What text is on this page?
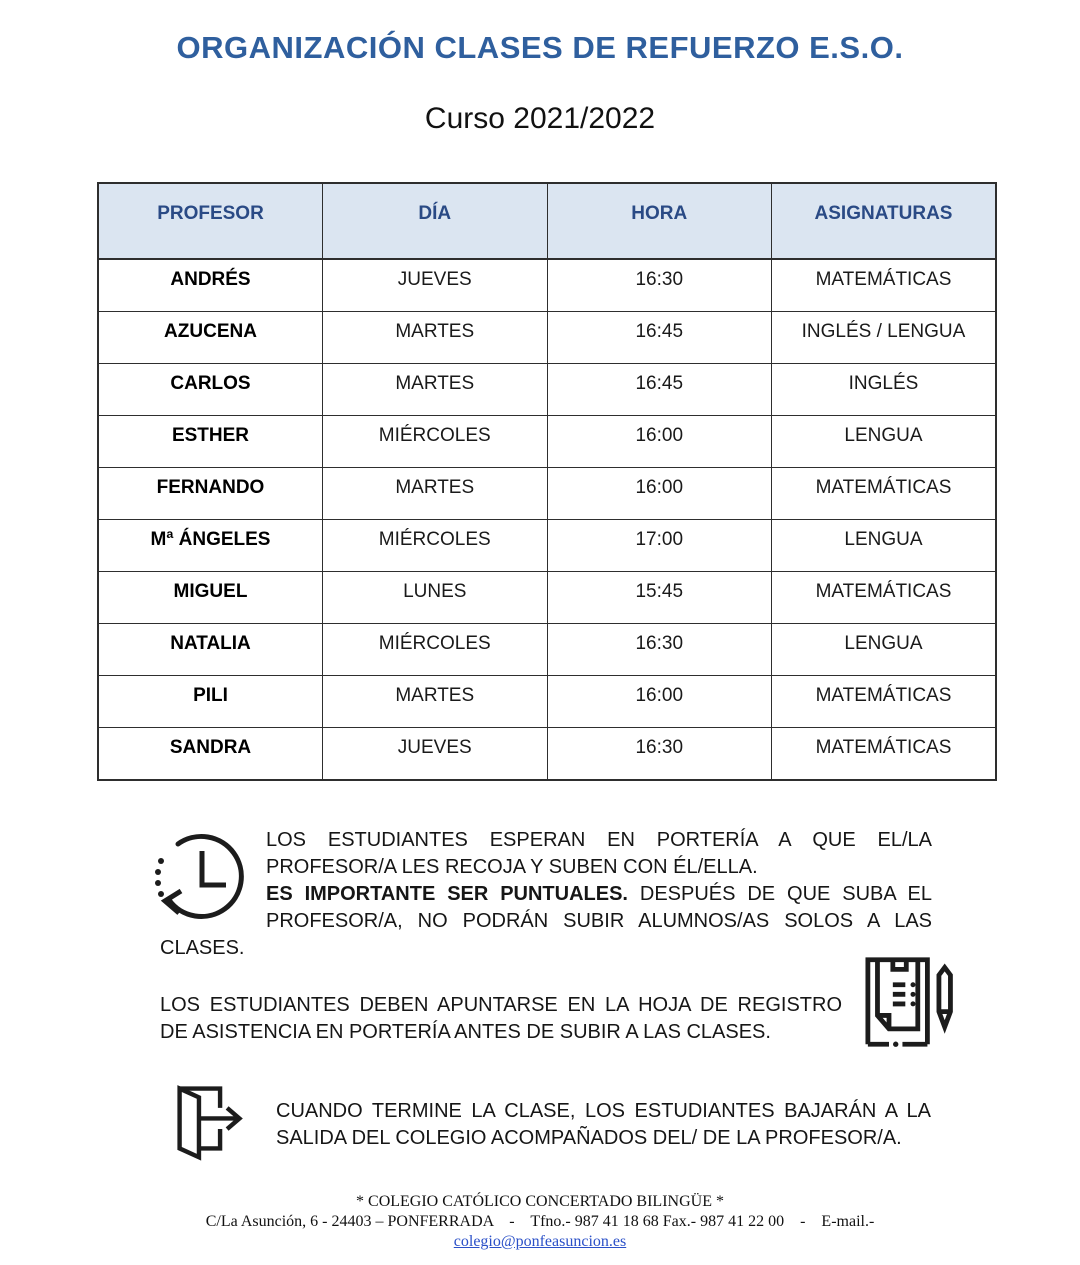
ORGANIZACIÓN CLASES DE REFUERZO E.S.O.
Curso 2021/2022
PROFESOR	DÍA	HORA	ASIGNATURAS
ANDRÉS	JUEVES	16:30	MATEMÁTICAS
AZUCENA	MARTES	16:45	INGLÉS / LENGUA
CARLOS	MARTES	16:45	INGLÉS
ESTHER	MIÉRCOLES	16:00	LENGUA
FERNANDO	MARTES	16:00	MATEMÁTICAS
Mª ÁNGELES	MIÉRCOLES	17:00	LENGUA
MIGUEL	LUNES	15:45	MATEMÁTICAS
NATALIA	MIÉRCOLES	16:30	LENGUA
PILI	MARTES	16:00	MATEMÁTICAS
SANDRA	JUEVES	16:30	MATEMÁTICAS

LOS ESTUDIANTES ESPERAN EN PORTERÍA A QUE EL/LA
PROFESOR/A LES RECOJA Y SUBEN CON ÉL/ELLA.
ES IMPORTANTE SER PUNTUALES. DESPUÉS DE QUE SUBA EL
PROFESOR/A, NO PODRÁN SUBIR ALUMNOS/AS SOLOS A LAS
CLASES.

LOS ESTUDIANTES DEBEN APUNTARSE EN LA HOJA DE REGISTRO
DE ASISTENCIA EN PORTERÍA ANTES DE SUBIR A LAS CLASES.

CUANDO TERMINE LA CLASE, LOS ESTUDIANTES BAJARÁN A LA
SALIDA DEL COLEGIO ACOMPAÑADOS DEL/ DE LA PROFESOR/A.

* COLEGIO CATÓLICO CONCERTADO BILINGÜE *
C/La Asunción, 6 - 24403 – PONFERRADA    -    Tfno.- 987 41 18 68 Fax.- 987 41 22 00    -    E-mail.-
colegio@ponfeasuncion.es
